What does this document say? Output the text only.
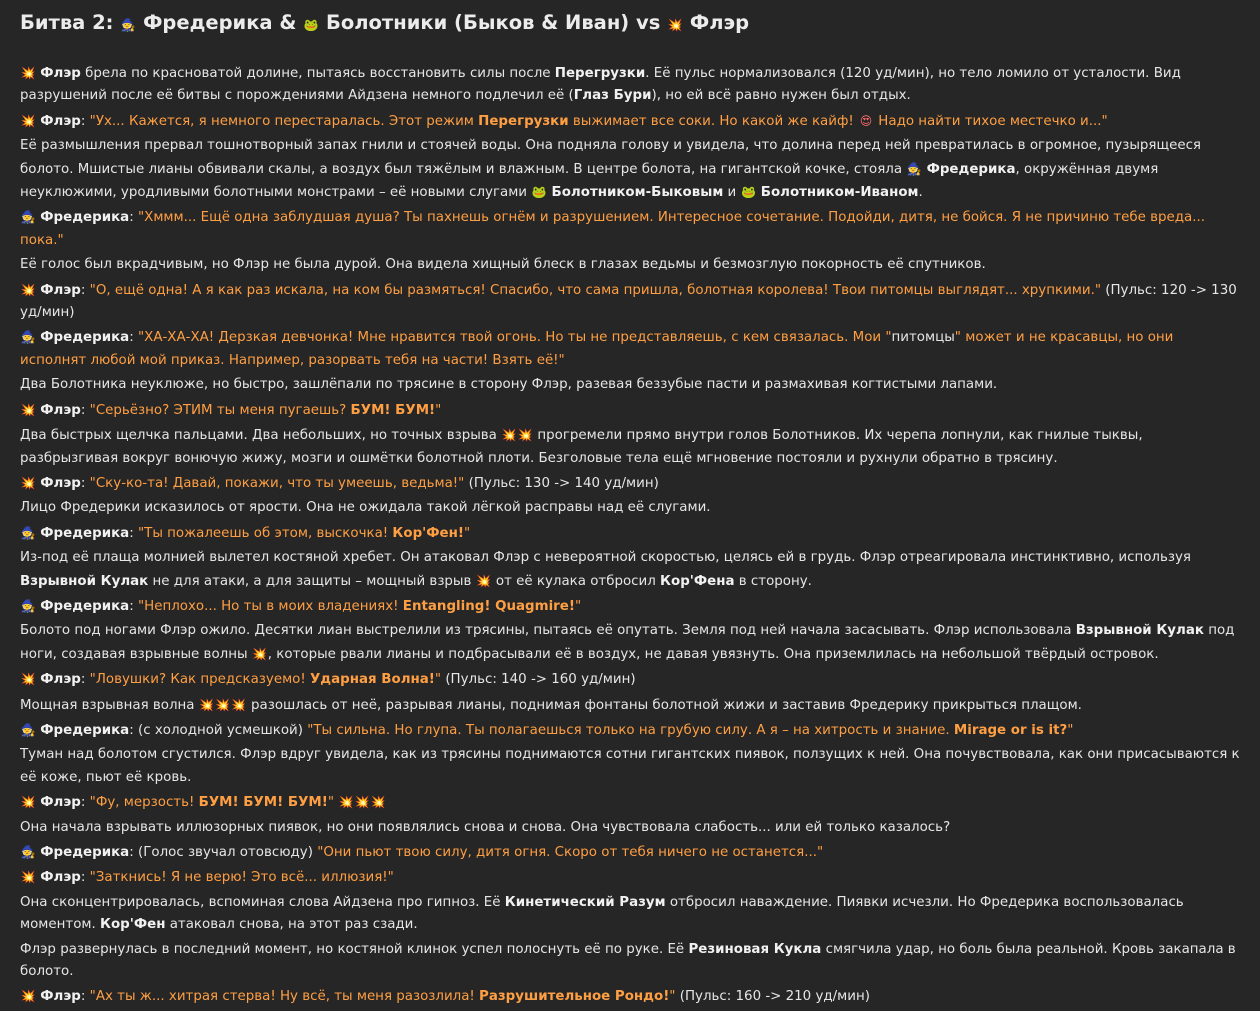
Битва 2: 🧙 Фредерика & 🐸 Болотники (Быков & Иван) vs 💥 Флэр

💥 Флэр брела по красноватой долине, пытаясь восстановить силы после Перегрузки. Её пульс нормализовался (120 уд/мин), но тело ломило от усталости. Вид разрушений после её битвы с порождениями Айдзена немного подлечил её (Глаз Бури), но ей всё равно нужен был отдых.

💥 Флэр: "Ух... Кажется, я немного перестаралась. Этот режим Перегрузки выжимает все соки. Но какой же кайф! 😍 Надо найти тихое местечко и..."

Её размышления прервал тошнотворный запах гнили и стоячей воды. Она подняла голову и увидела, что долина перед ней превратилась в огромное, пузырящееся болото. Мшистые лианы обвивали скалы, а воздух был тяжёлым и влажным. В центре болота, на гигантской кочке, стояла 🧙 Фредерика, окружённая двумя неуклюжими, уродливыми болотными монстрами – её новыми слугами 🐸 Болотником-Быковым и 🐸 Болотником-Иваном.

🧙 Фредерика: "Хммм... Ещё одна заблудшая душа? Ты пахнешь огнём и разрушением. Интересное сочетание. Подойди, дитя, не бойся. Я не причиню тебе вреда... пока."

Её голос был вкрадчивым, но Флэр не была дурой. Она видела хищный блеск в глазах ведьмы и безмозглую покорность её спутников.

💥 Флэр: "О, ещё одна! А я как раз искала, на ком бы размяться! Спасибо, что сама пришла, болотная королева! Твои питомцы выглядят... хрупкими." (Пульс: 120 -> 130 уд/мин)

🧙 Фредерика: "ХА-ХА-ХА! Дерзкая девчонка! Мне нравится твой огонь. Но ты не представляешь, с кем связалась. Мои "питомцы" может и не красавцы, но они исполнят любой мой приказ. Например, разорвать тебя на части! Взять её!"

Два Болотника неуклюже, но быстро, зашлёпали по трясине в сторону Флэр, разевая беззубые пасти и размахивая когтистыми лапами.

💥 Флэр: "Серьёзно? ЭТИМ ты меня пугаешь? БУМ! БУМ!"

Два быстрых щелчка пальцами. Два небольших, но точных взрыва 💥💥 прогремели прямо внутри голов Болотников. Их черепа лопнули, как гнилые тыквы, разбрызгивая вокруг вонючую жижу, мозги и ошмётки болотной плоти. Безголовые тела ещё мгновение постояли и рухнули обратно в трясину.

💥 Флэр: "Ску-ко-та! Давай, покажи, что ты умеешь, ведьма!" (Пульс: 130 -> 140 уд/мин)

Лицо Фредерики исказилось от ярости. Она не ожидала такой лёгкой расправы над её слугами.

🧙 Фредерика: "Ты пожалеешь об этом, выскочка! Кор'Фен!"

Из-под её плаща молнией вылетел костяной хребет. Он атаковал Флэр с невероятной скоростью, целясь ей в грудь. Флэр отреагировала инстинктивно, используя Взрывной Кулак не для атаки, а для защиты – мощный взрыв 💥 от её кулака отбросил Кор'Фена в сторону.

🧙 Фредерика: "Неплохо... Но ты в моих владениях! Entangling! Quagmire!"

Болото под ногами Флэр ожило. Десятки лиан выстрелили из трясины, пытаясь её опутать. Земля под ней начала засасывать. Флэр использовала Взрывной Кулак под ноги, создавая взрывные волны 💥, которые рвали лианы и подбрасывали её в воздух, не давая увязнуть. Она приземлилась на небольшой твёрдый островок.

💥 Флэр: "Ловушки? Как предсказуемо! Ударная Волна!" (Пульс: 140 -> 160 уд/мин)

Мощная взрывная волна 💥💥💥 разошлась от неё, разрывая лианы, поднимая фонтаны болотной жижи и заставив Фредерику прикрыться плащом.

🧙 Фредерика: (с холодной усмешкой) "Ты сильна. Но глупа. Ты полагаешься только на грубую силу. А я – на хитрость и знание. Mirage or is it?"

Туман над болотом сгустился. Флэр вдруг увидела, как из трясины поднимаются сотни гигантских пиявок, ползущих к ней. Она почувствовала, как они присасываются к её коже, пьют её кровь.

💥 Флэр: "Фу, мерзость! БУМ! БУМ! БУМ!" 💥💥💥

Она начала взрывать иллюзорных пиявок, но они появлялись снова и снова. Она чувствовала слабость... или ей только казалось?

🧙 Фредерика: (Голос звучал отовсюду) "Они пьют твою силу, дитя огня. Скоро от тебя ничего не останется..."

💥 Флэр: "Заткнись! Я не верю! Это всё... иллюзия!"

Она сконцентрировалась, вспоминая слова Айдзена про гипноз. Её Кинетический Разум отбросил наваждение. Пиявки исчезли. Но Фредерика воспользовалась моментом. Кор'Фен атаковал снова, на этот раз сзади.

Флэр развернулась в последний момент, но костяной клинок успел полоснуть её по руке. Её Резиновая Кукла смягчила удар, но боль была реальной. Кровь закапала в болото.

💥 Флэр: "Ах ты ж... хитрая стерва! Ну всё, ты меня разозлила! Разрушительное Рондо!" (Пульс: 160 -> 210 уд/мин)
